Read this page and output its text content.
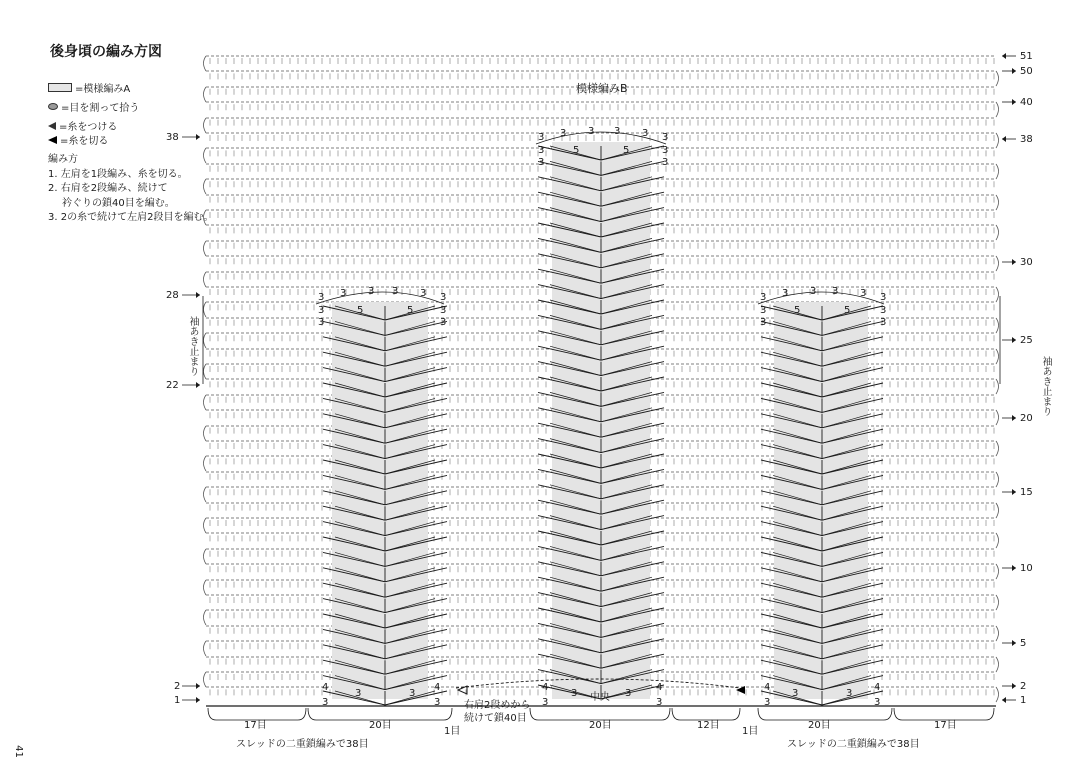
後身頃の編み方図
=模様編みA
=目を割って拾う
=糸をつける
=糸を切る
編み方
1. 左肩を1段編み、糸を切る。
2. 右肩を2段編み、続けて
衿ぐりの鎖40目を編む。
3. 2の糸で続けて左肩2段目を編む。
3 3 3 3 3 3
3	3
3	3
5	5
4	4
3	3
3	3
3 3 3 3 3 3
3	3
3	3
5	5
4	4
3	3
3	3
3 3 3 3 3 3
3	3
3	3
5	5
4	4
3	3
3	3
模様編みB
51
50
40
38
30
25
20
15
10
5
2
1
38
28
22
2
1
袖あき止まり
袖あき止まり
17目	20目
1目
右肩2段めから
続けて鎖40目
20目
中央
12目
1目
20目	17目
スレッドの二重鎖編みで38目	スレッドの二重鎖編みで38目
41
